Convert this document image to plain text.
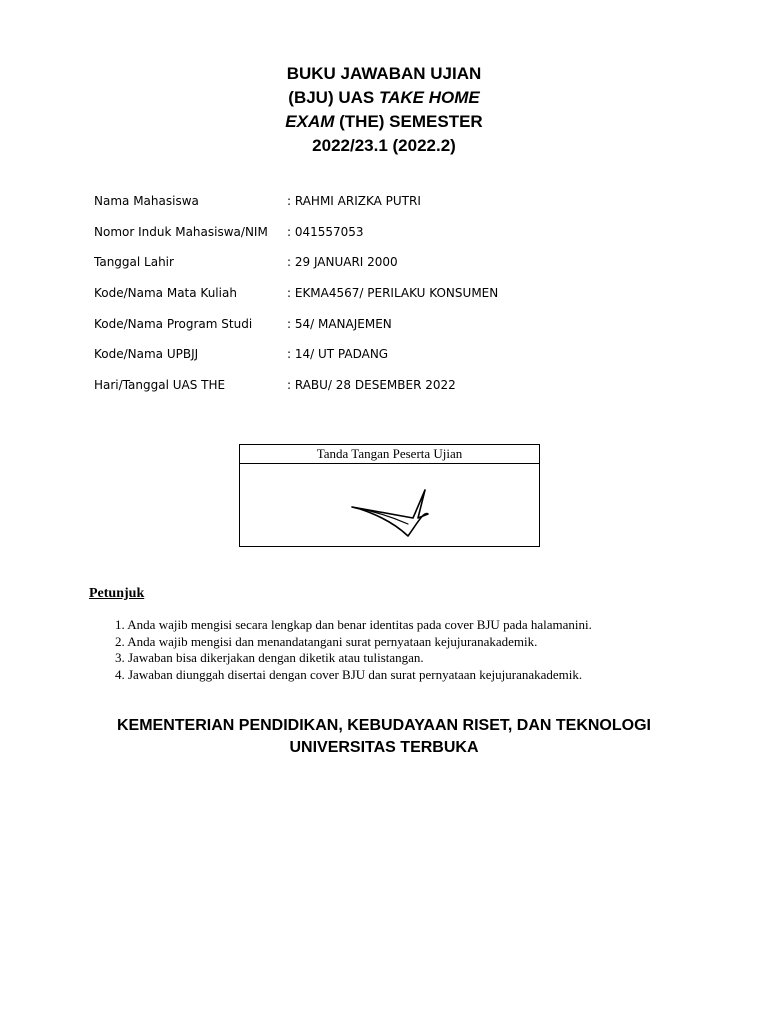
BUKU JAWABAN UJIAN
(BJU) UAS TAKE HOME
EXAM (THE) SEMESTER
2022/23.1 (2022.2)
Nama Mahasiswa	: RAHMI ARIZKA PUTRI
Nomor Induk Mahasiswa/NIM : 041557053
Tanggal Lahir	: 29 JANUARI 2000
Kode/Nama Mata Kuliah	: EKMA4567/ PERILAKU KONSUMEN
Kode/Nama Program Studi	: 54/ MANAJEMEN
Kode/Nama UPBJJ	: 14/ UT PADANG
Hari/Tanggal UAS THE	: RABU/ 28 DESEMBER 2022
Tanda Tangan Peserta Ujian
Petunjuk
1. Anda wajib mengisi secara lengkap dan benar identitas pada cover BJU pada halamanini.
2. Anda wajib mengisi dan menandatangani surat pernyataan kejujuranakademik.
3. Jawaban bisa dikerjakan dengan diketik atau tulistangan.
4. Jawaban diunggah disertai dengan cover BJU dan surat pernyataan kejujuranakademik.
KEMENTERIAN PENDIDIKAN, KEBUDAYAAN RISET, DAN TEKNOLOGI
UNIVERSITAS TERBUKA
